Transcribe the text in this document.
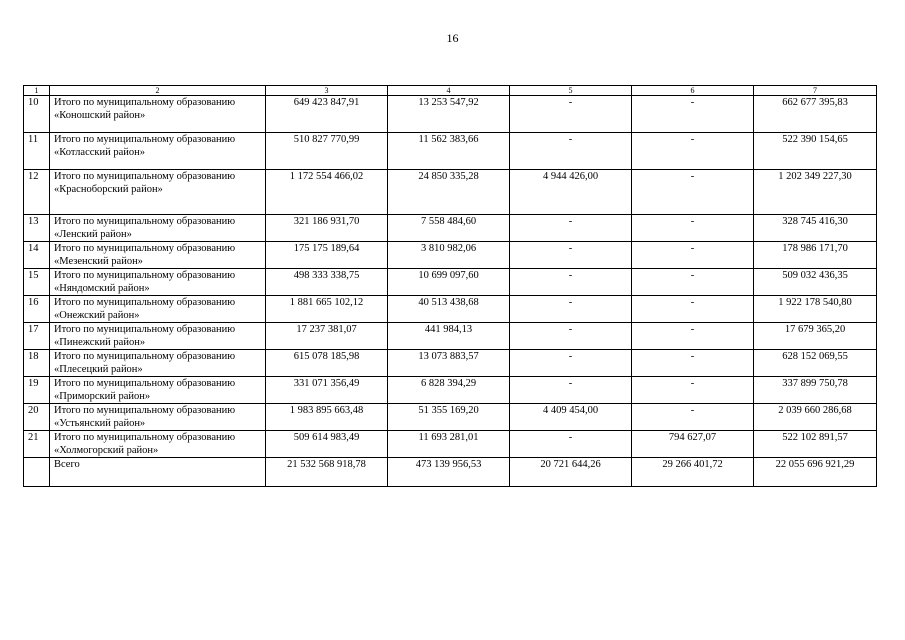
16
1	2	3	4	5	6	7
10	Итого по муниципальному образованию «Коношский район»	649 423 847,91	13 253 547,92	-	-	662 677 395,83
11	Итого по муниципальному образованию «Котласский район»	510 827 770,99	11 562 383,66	-	-	522 390 154,65
12	Итого по муниципальному образованию «Красноборский район»	1 172 554 466,02	24 850 335,28	4 944 426,00	-	1 202 349 227,30
13	Итого по муниципальному образованию «Ленский район»	321 186 931,70	7 558 484,60	-	-	328 745 416,30
14	Итого по муниципальному образованию «Мезенский район»	175 175 189,64	3 810 982,06	-	-	178 986 171,70
15	Итого по муниципальному образованию «Няндомский район»	498 333 338,75	10 699 097,60	-	-	509 032 436,35
16	Итого по муниципальному образованию «Онежский район»	1 881 665 102,12	40 513 438,68	-	-	1 922 178 540,80
17	Итого по муниципальному образованию «Пинежский район»	17 237 381,07	441 984,13	-	-	17 679 365,20
18	Итого по муниципальному образованию «Плесецкий район»	615 078 185,98	13 073 883,57	-	-	628 152 069,55
19	Итого по муниципальному образованию «Приморский район»	331 071 356,49	6 828 394,29	-	-	337 899 750,78
20	Итого по муниципальному образованию «Устьянский район»	1 983 895 663,48	51 355 169,20	4 409 454,00	-	2 039 660 286,68
21	Итого по муниципальному образованию «Холмогорский район»	509 614 983,49	11 693 281,01	-	794 627,07	522 102 891,57
	Всего	21 532 568 918,78	473 139 956,53	20 721 644,26	29 266 401,72	22 055 696 921,29
